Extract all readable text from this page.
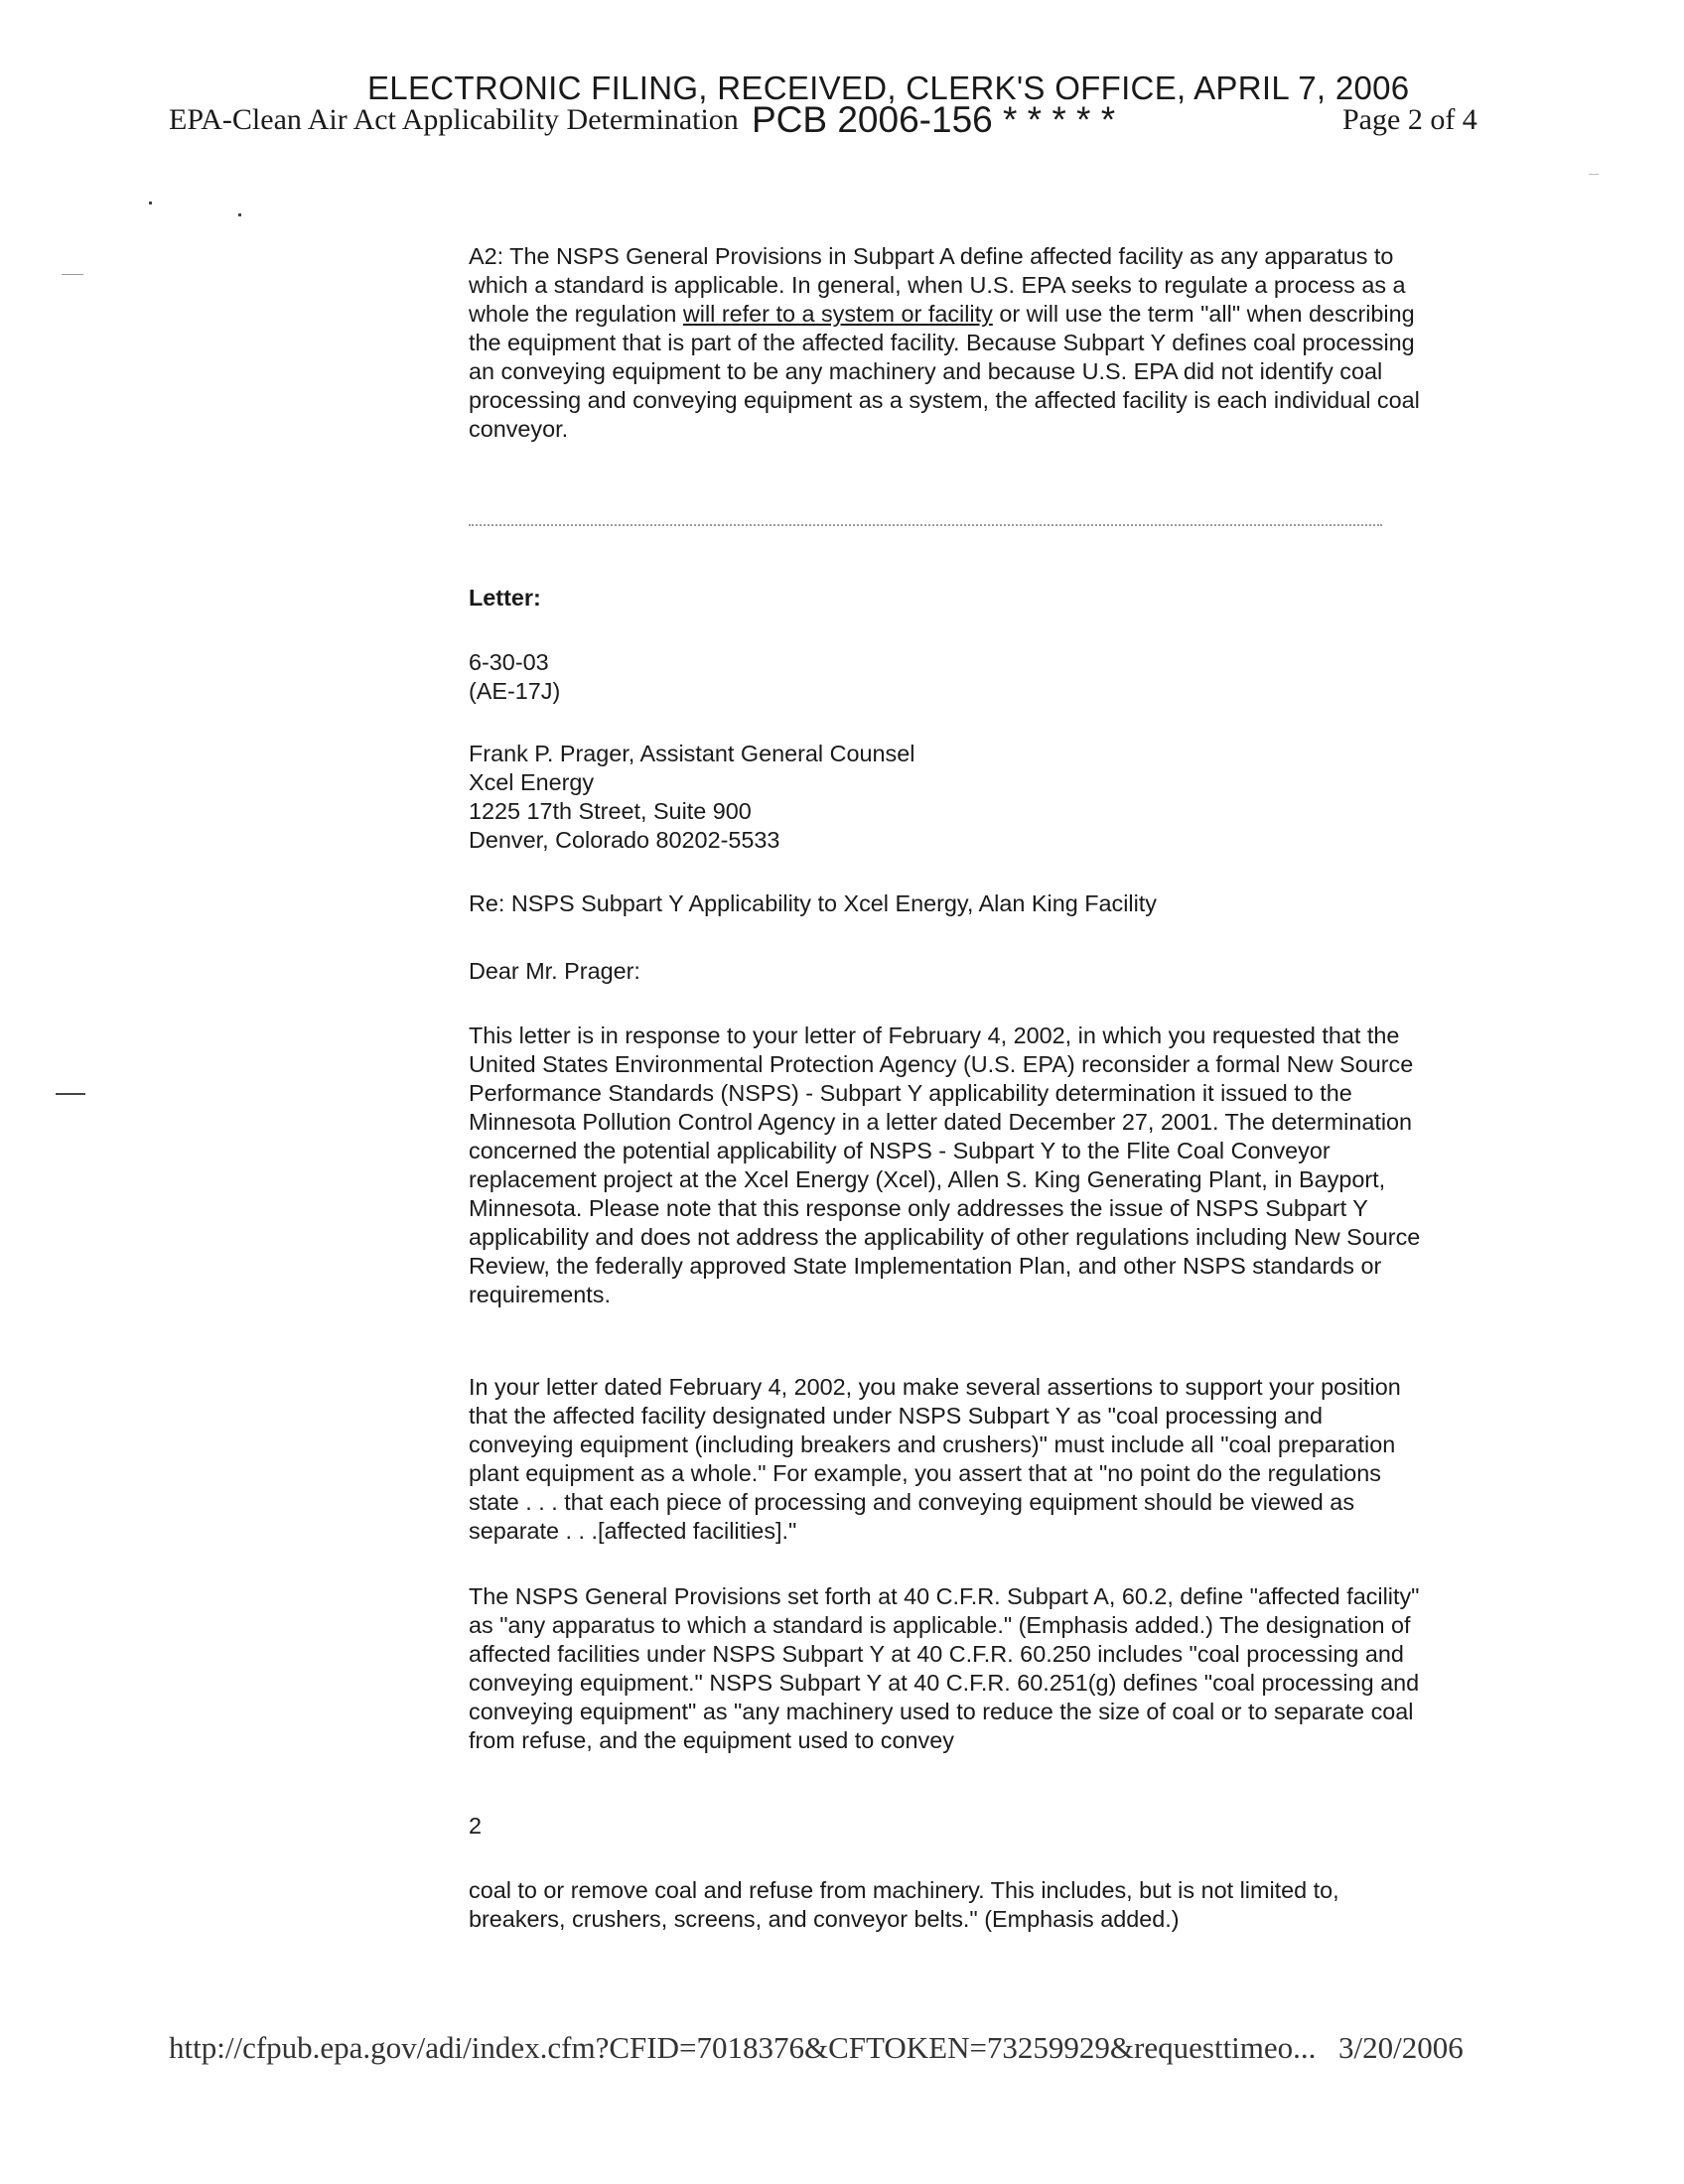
ELECTRONIC FILING, RECEIVED, CLERK'S OFFICE, APRIL 7, 2006
EPA-Clean Air Act Applicability Determination PCB 2006-156 * * * * *	Page 2 of 4

A2: The NSPS General Provisions in Subpart A define affected facility as any apparatus to which a standard is applicable. In general, when U.S. EPA seeks to regulate a process as a whole the regulation will refer to a system or facility or will use the term "all" when describing the equipment that is part of the affected facility. Because Subpart Y defines coal processing an conveying equipment to be any machinery and because U.S. EPA did not identify coal processing and conveying equipment as a system, the affected facility is each individual coal conveyor.

Letter:
6-30-03
(AE-17J)
Frank P. Prager, Assistant General Counsel
Xcel Energy
1225 17th Street, Suite 900
Denver, Colorado 80202-5533
Re: NSPS Subpart Y Applicability to Xcel Energy, Alan King Facility
Dear Mr. Prager:

This letter is in response to your letter of February 4, 2002, in which you requested that the United States Environmental Protection Agency (U.S. EPA) reconsider a formal New Source Performance Standards (NSPS) - Subpart Y applicability determination it issued to the Minnesota Pollution Control Agency in a letter dated December 27, 2001. The determination concerned the potential applicability of NSPS - Subpart Y to the Flite Coal Conveyor replacement project at the Xcel Energy (Xcel), Allen S. King Generating Plant, in Bayport, Minnesota. Please note that this response only addresses the issue of NSPS Subpart Y applicability and does not address the applicability of other regulations including New Source Review, the federally approved State Implementation Plan, and other NSPS standards or requirements.

In your letter dated February 4, 2002, you make several assertions to support your position that the affected facility designated under NSPS Subpart Y as "coal processing and conveying equipment (including breakers and crushers)" must include all "coal preparation plant equipment as a whole." For example, you assert that at "no point do the regulations state . . . that each piece of processing and conveying equipment should be viewed as separate . . .[affected facilities]."

The NSPS General Provisions set forth at 40 C.F.R. Subpart A, 60.2, define "affected facility" as "any apparatus to which a standard is applicable." (Emphasis added.) The designation of affected facilities under NSPS Subpart Y at 40 C.F.R. 60.250 includes "coal processing and conveying equipment." NSPS Subpart Y at 40 C.F.R. 60.251(g) defines "coal processing and conveying equipment" as "any machinery used to reduce the size of coal or to separate coal from refuse, and the equipment used to convey

2

coal to or remove coal and refuse from machinery. This includes, but is not limited to, breakers, crushers, screens, and conveyor belts." (Emphasis added.)

http://cfpub.epa.gov/adi/index.cfm?CFID=7018376&CFTOKEN=73259929&requesttimeo... 3/20/2006
